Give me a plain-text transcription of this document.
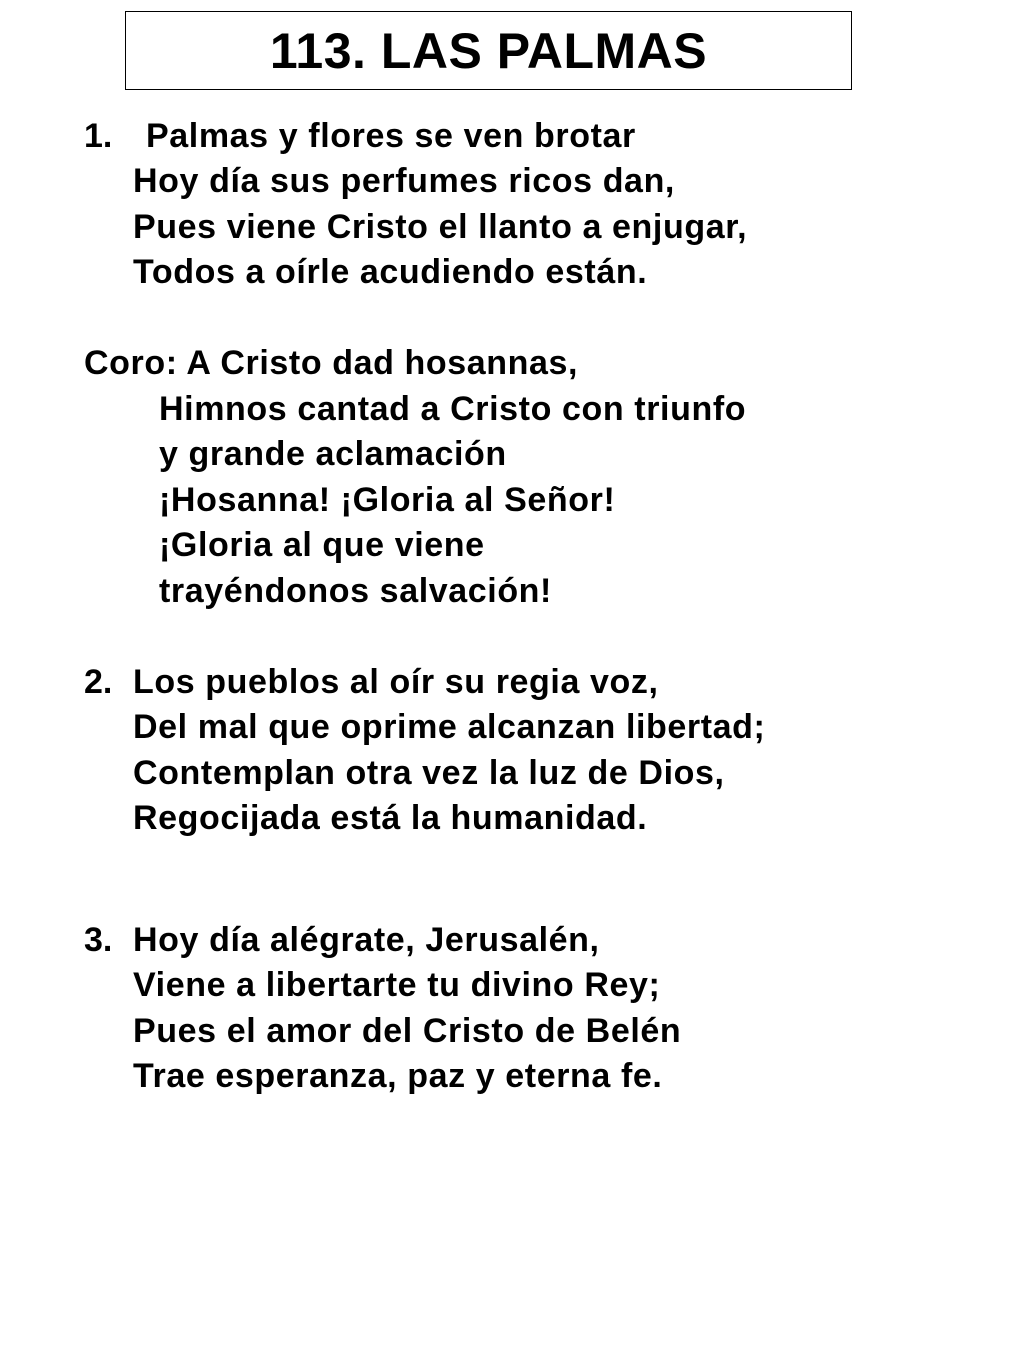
113. LAS PALMAS
1. Palmas y flores se ven brotar
Hoy día sus perfumes ricos dan,
Pues viene Cristo el llanto a enjugar,
Todos a oírle acudiendo están.
Coro: A Cristo dad hosannas,
Himnos cantad a Cristo con triunfo
y grande aclamación
¡Hosanna! ¡Gloria al Señor!
¡Gloria al que viene
trayéndonos salvación!
2. Los pueblos al oír su regia voz,
Del mal que oprime alcanzan libertad;
Contemplan otra vez la luz de Dios,
Regocijada está la humanidad.
3. Hoy día alégrate, Jerusalén,
Viene a libertarte tu divino Rey;
Pues el amor del Cristo de Belén
Trae esperanza, paz y eterna fe.
